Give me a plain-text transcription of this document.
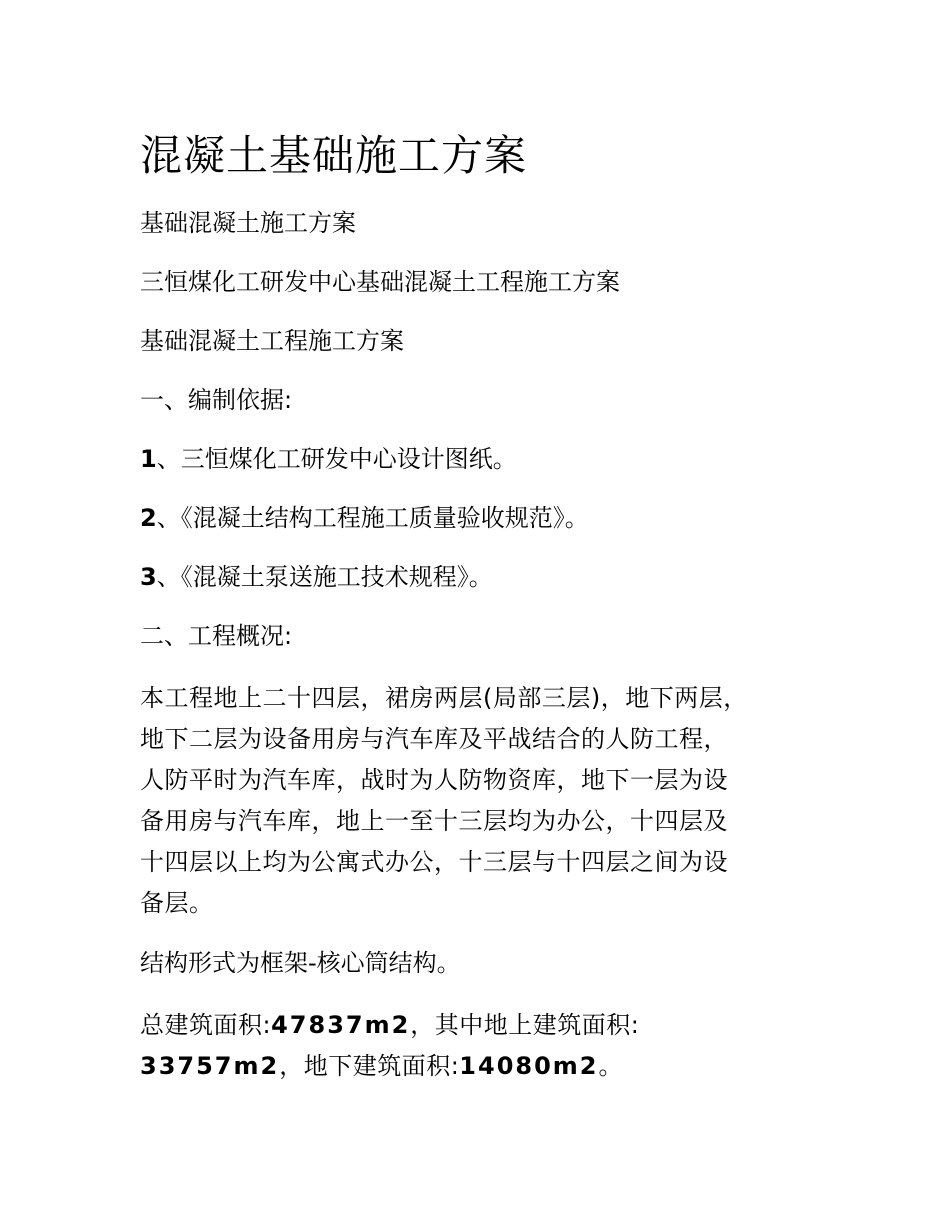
混凝土基础施工方案
基础混凝土施工方案
三恒煤化工研发中心基础混凝土工程施工方案
基础混凝土工程施工方案
一、编制依据:
1、三恒煤化工研发中心设计图纸。
2、《混凝土结构工程施工质量验收规范》。
3、《混凝土泵送施工技术规程》。
二、工程概况:
本工程地上二十四层，裙房两层(局部三层)，地下两层，
地下二层为设备用房与汽车库及平战结合的人防工程，
人防平时为汽车库，战时为人防物资库，地下一层为设
备用房与汽车库，地上一至十三层均为办公，十四层及
十四层以上均为公寓式办公，十三层与十四层之间为设
备层。
结构形式为框架-核心筒结构。
总建筑面积:47837m2，其中地上建筑面积:
33757m2，地下建筑面积:14080m2。
